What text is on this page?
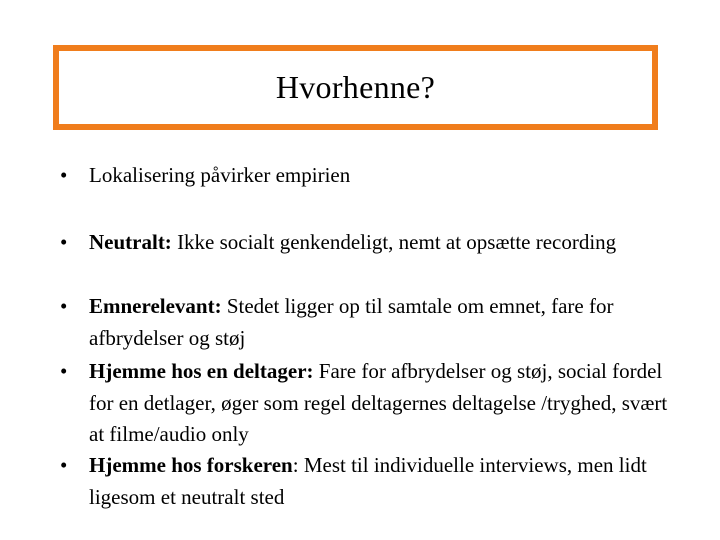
Hvorhenne?
•	Lokalisering påvirker empirien
•	Neutralt: Ikke socialt genkendeligt, nemt at opsætte recording
•	Emnerelevant: Stedet ligger op til samtale om emnet, fare for afbrydelser og støj
•	Hjemme hos en deltager: Fare for afbrydelser og støj, social fordel for en detlager, øger som regel deltagernes deltagelse /tryghed, svært at filme/audio only
•	Hjemme hos forskeren: Mest til individuelle interviews, men lidt ligesom et neutralt sted
